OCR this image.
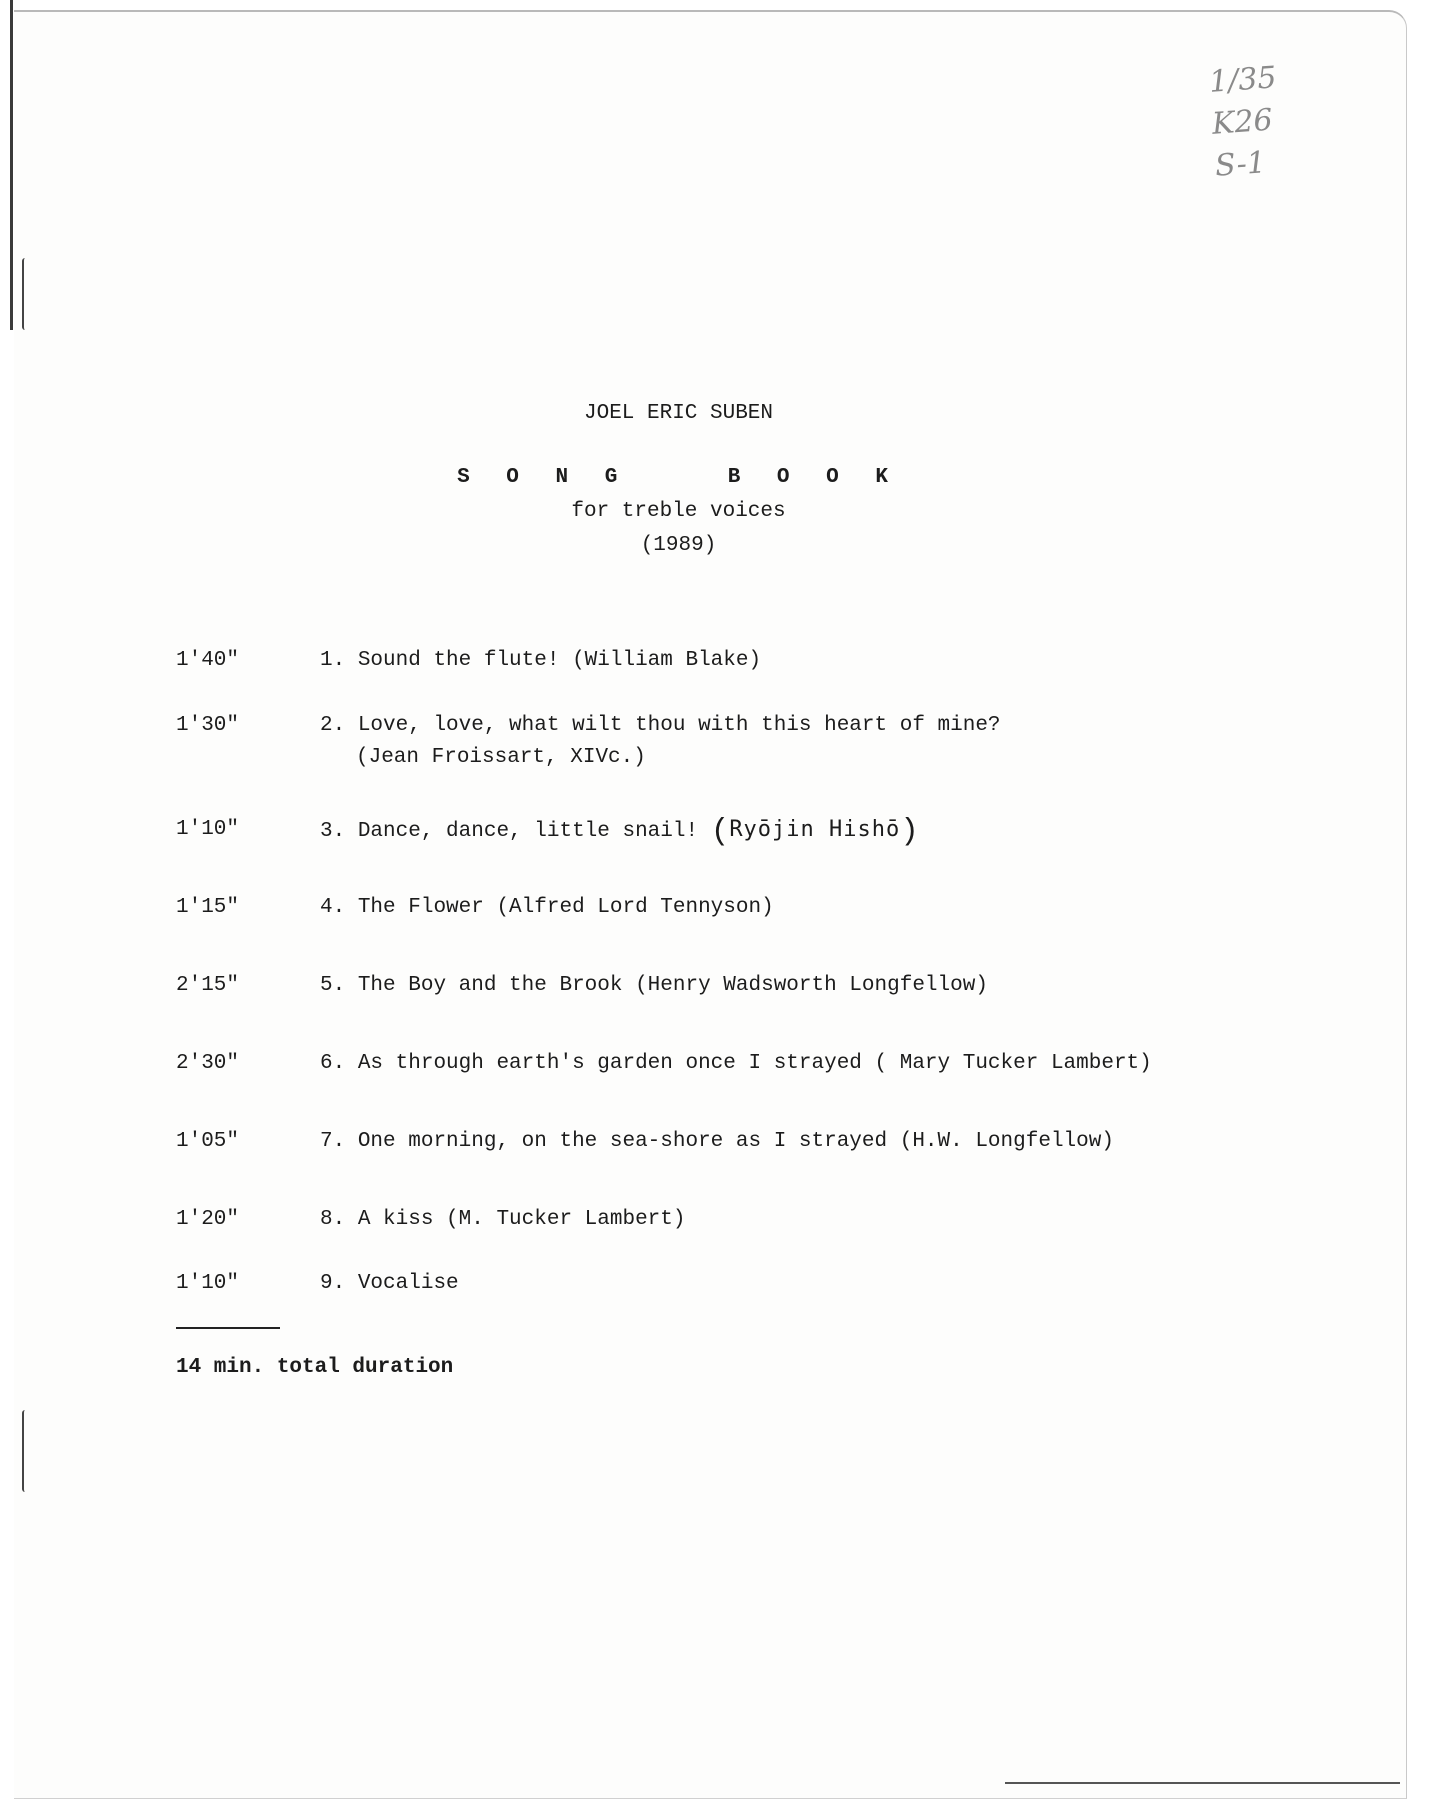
1/35
K26
S-1
JOEL ERIC SUBEN
S O N G    B O O K
for treble voices
(1989)
1'40"	1. Sound the flute! (William Blake)
1'30"	2. Love, love, what wilt thou with this heart of mine?
(Jean Froissart, XIVc.)
1'10"	3. Dance, dance, little snail! (Ryōjin Hishō)
1'15"	4. The Flower (Alfred Lord Tennyson)
2'15"	5. The Boy and the Brook (Henry Wadsworth Longfellow)
2'30"	6. As through earth's garden once I strayed ( Mary Tucker Lambert)
1'05"	7. One morning, on the sea-shore as I strayed (H.W. Longfellow)
1'20"	8. A kiss (M. Tucker Lambert)
1'10"	9. Vocalise
14 min. total duration
